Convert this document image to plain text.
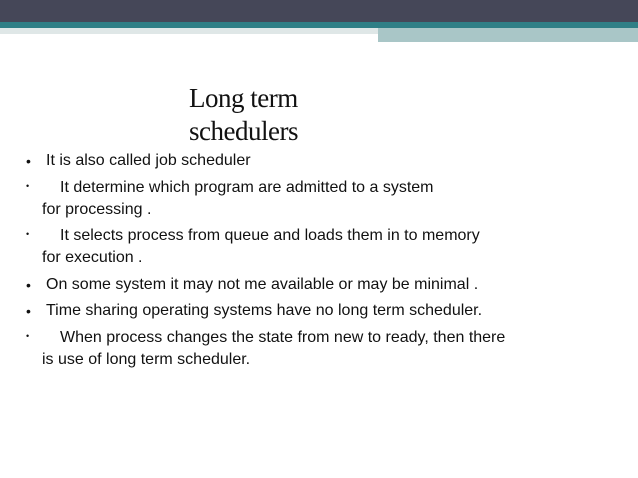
Long term
schedulers
• It is also called job scheduler
•	It determine which program are admitted to a system
for processing .
•	It selects process from queue and loads them in to memory
for execution .
• On some system it may not me available or may be minimal .
• Time sharing operating systems have no long term scheduler.
•	When process changes the state from new to ready, then there
is use of long term scheduler.
